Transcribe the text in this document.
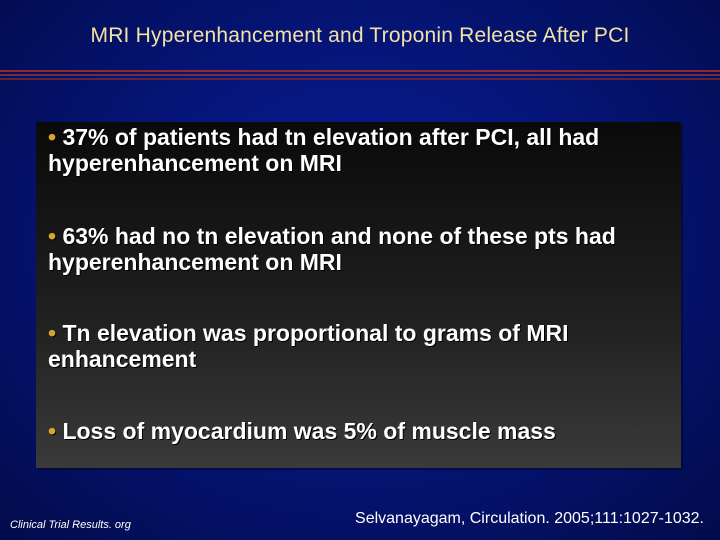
MRI Hyperenhancement and Troponin Release After PCI
• 37% of patients had tn elevation after PCI, all had hyperenhancement on MRI
• 63% had no tn elevation and none of these pts had hyperenhancement on MRI
• Tn elevation was proportional to grams of MRI enhancement
• Loss of myocardium was 5% of muscle mass
Clinical Trial Results. org	Selvanayagam, Circulation. 2005;111:1027-1032.
